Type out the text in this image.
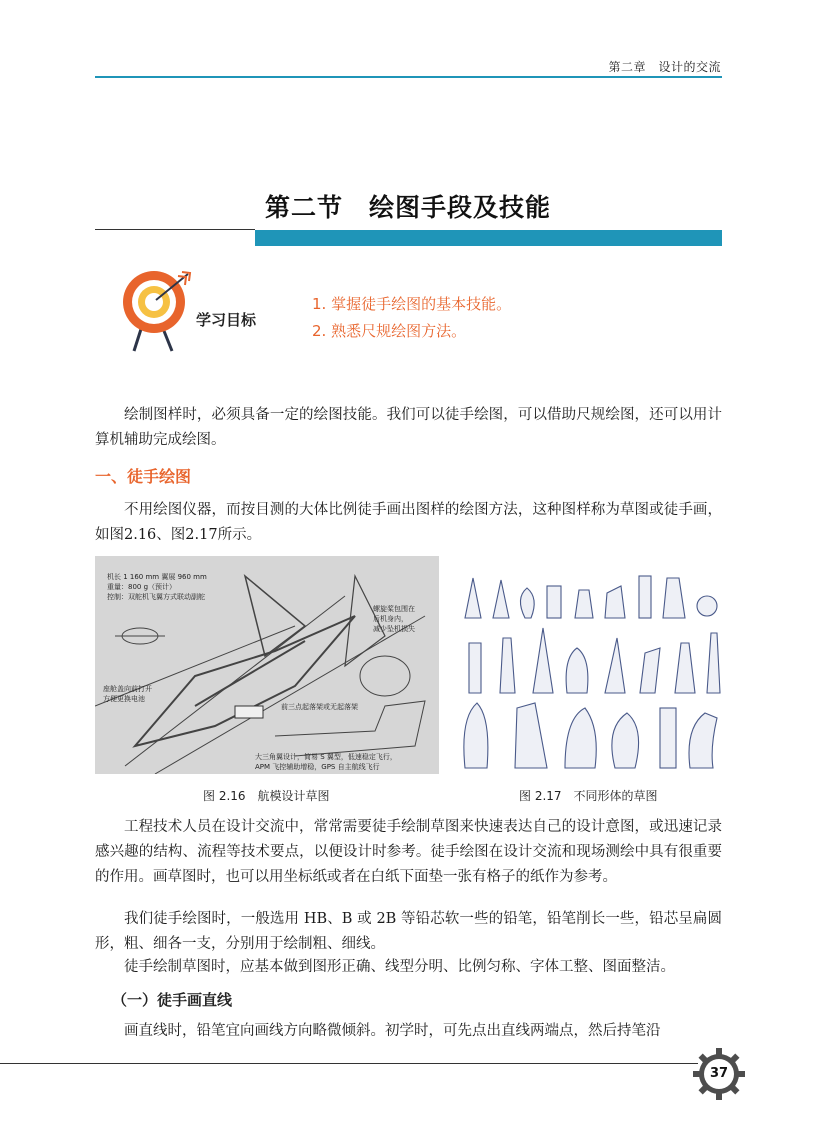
第二章　设计的交流
第二节　绘图手段及技能
学习目标
1. 掌握徒手绘图的基本技能。
2. 熟悉尺规绘图方法。

绘制图样时，必须具备一定的绘图技能。我们可以徒手绘图，可以借助尺规绘图，还可以用计算机辅助完成绘图。

一、徒手绘图

不用绘图仪器，而按目测的大体比例徒手画出图样的绘图方法，这种图样称为草图或徒手画，如图2.16、图2.17所示。

机长 1 160 mm 翼展 960 mm
重量：800 g（预计）
控制：双舵机飞翼方式联动副舵
螺旋桨包围在
后机身内，
减少坠机损失
座舱盖向前打开
方便更换电池
前三点起落架或无起落架
大三角翼设计，简易 S 翼型，低速稳定飞行，
APM 飞控辅助增稳，GPS 自主航线飞行
图 2.16　航模设计草图	图 2.17　不同形体的草图

工程技术人员在设计交流中，常常需要徒手绘制草图来快速表达自己的设计意图，或迅速记录感兴趣的结构、流程等技术要点，以便设计时参考。徒手绘图在设计交流和现场测绘中具有很重要的作用。画草图时，也可以用坐标纸或者在白纸下面垫一张有格子的纸作为参考。

我们徒手绘图时，一般选用 HB、B 或 2B 等铅芯软一些的铅笔，铅笔削长一些，铅芯呈扁圆形，粗、细各一支，分别用于绘制粗、细线。

徒手绘制草图时，应基本做到图形正确、线型分明、比例匀称、字体工整、图面整洁。

（一）徒手画直线

画直线时，铅笔宜向画线方向略微倾斜。初学时，可先点出直线两端点，然后持笔沿

37
